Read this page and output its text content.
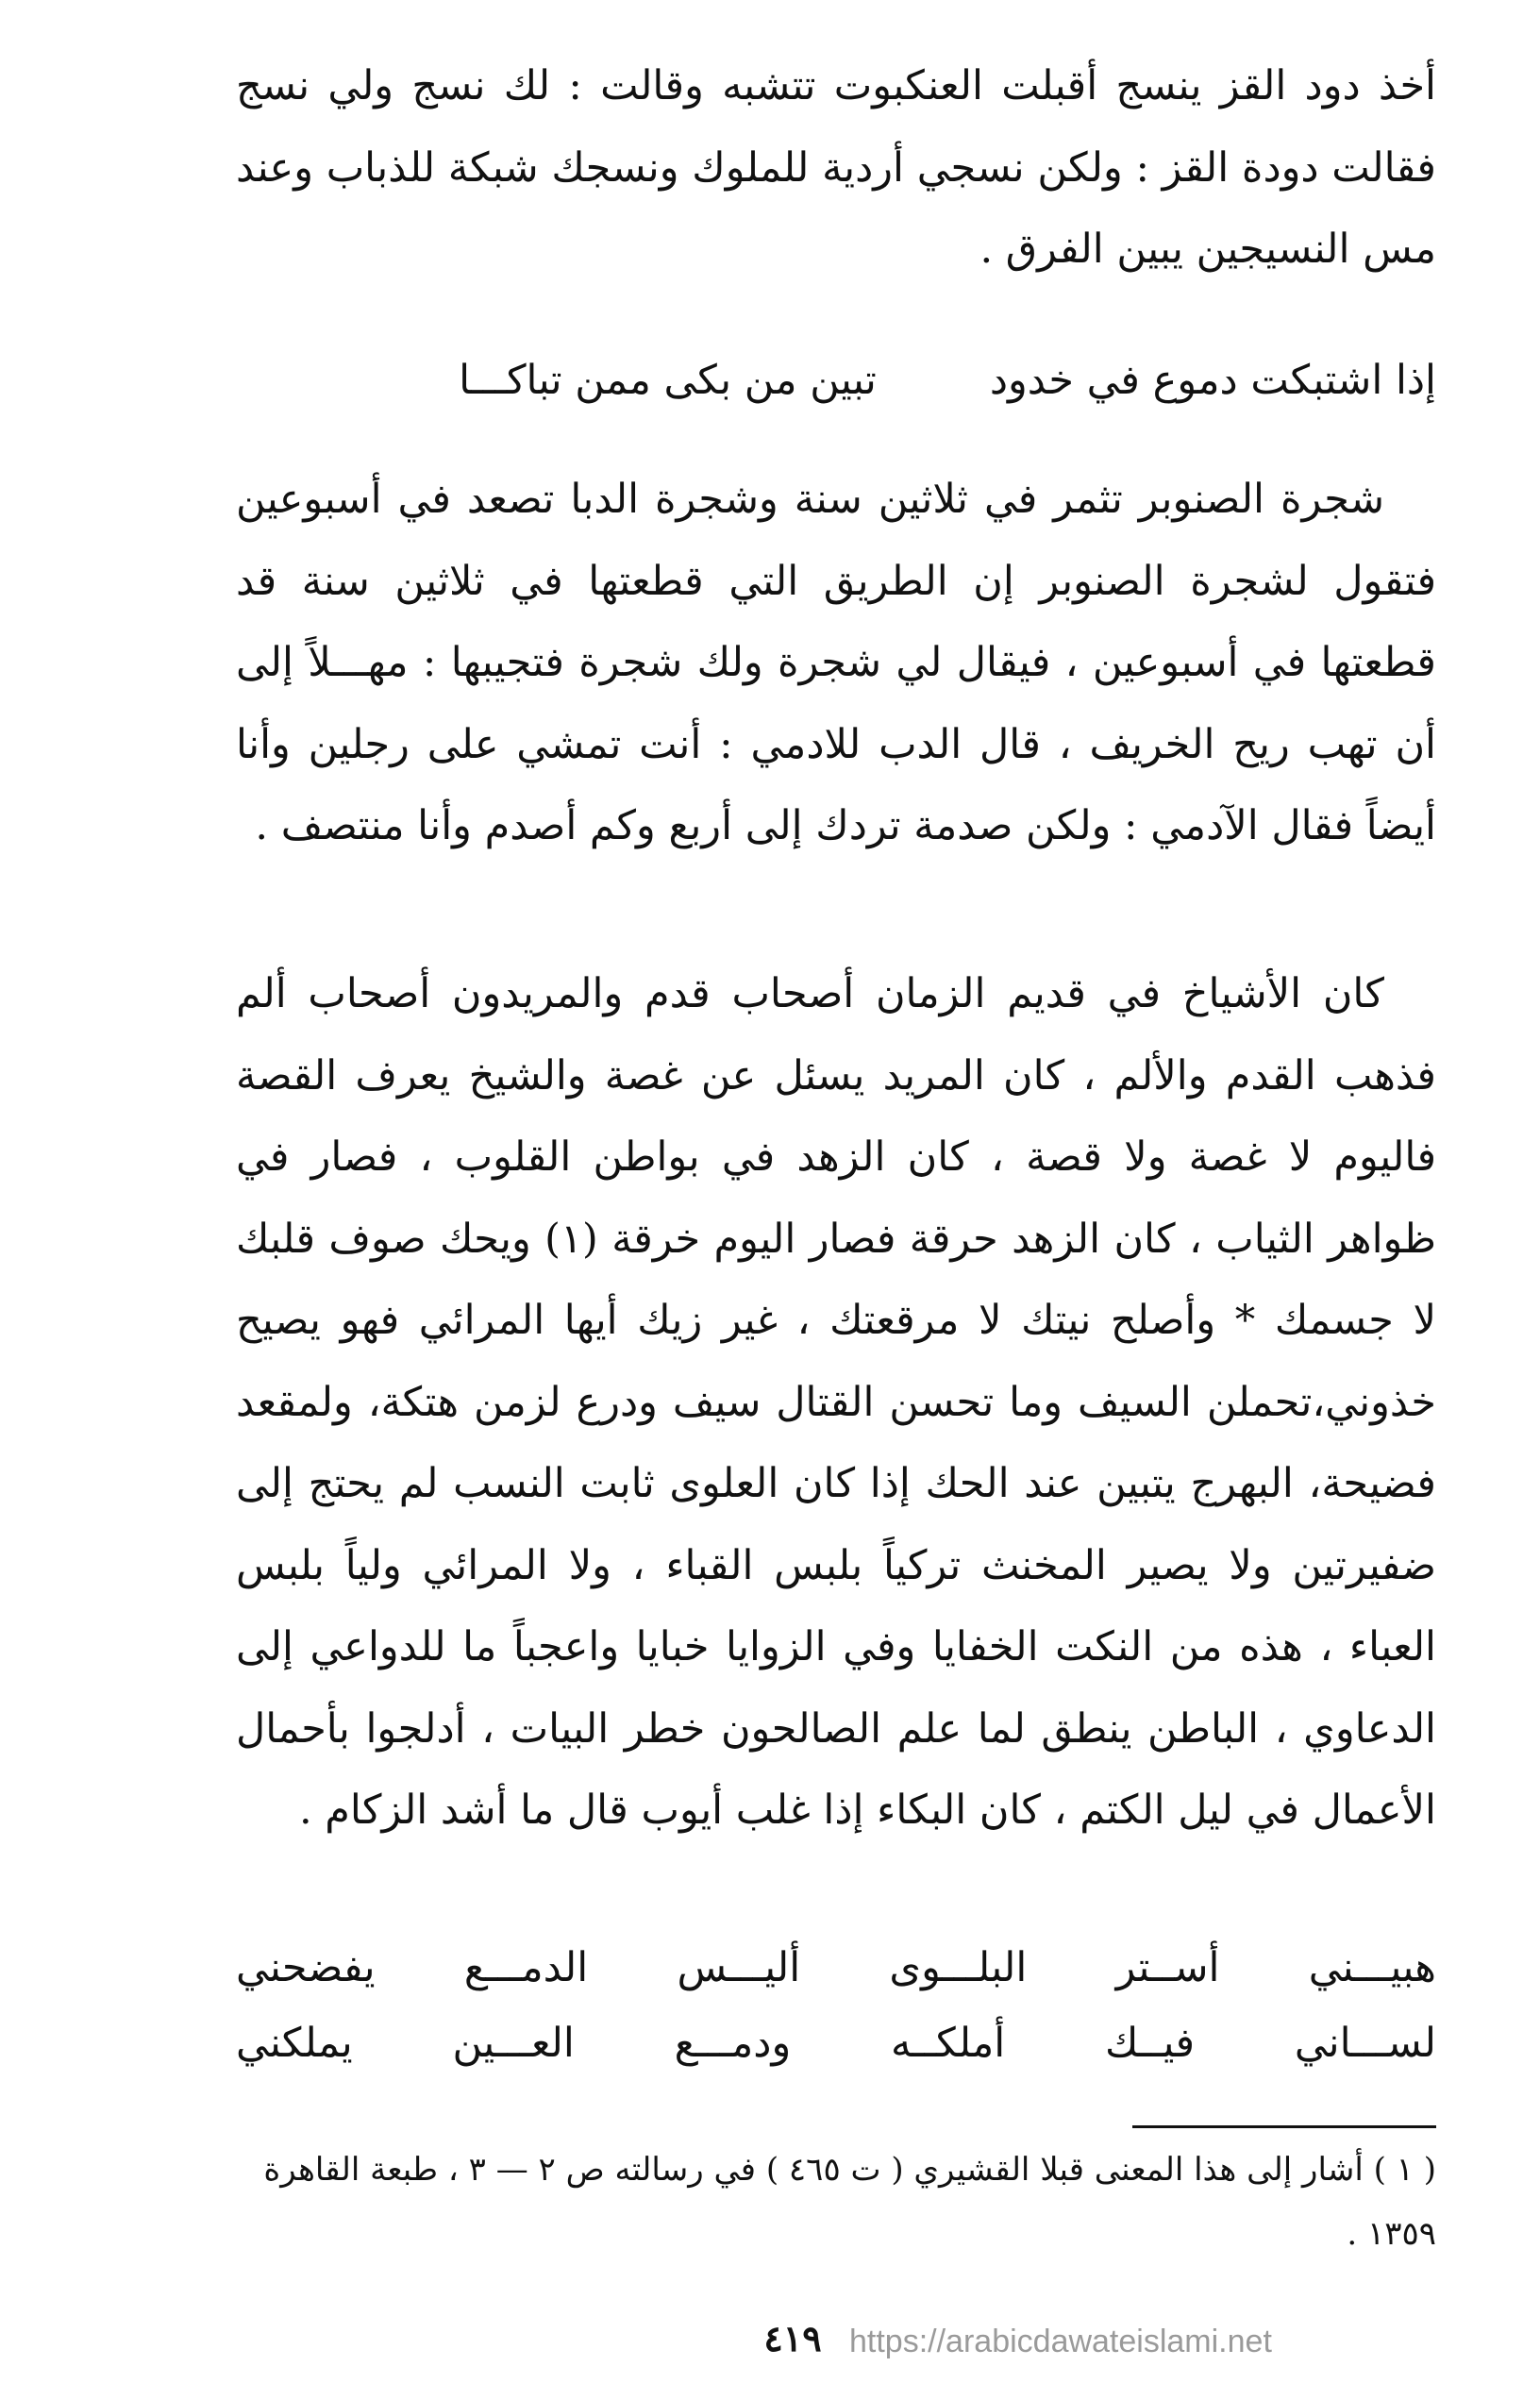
أخذ دود القز ينسج أقبلت العنكبوت تتشبه وقالت : لك نسج ولي نسج فقالت دودة القز : ولكن نسجي أردية للملوك ونسجك شبكة للذباب وعند مس النسيجين يبين الفرق .

إذا اشتبكت دموع في خدود
تبين من بكى ممن تباكـــا

شجرة الصنوبر تثمر في ثلاثين سنة وشجرة الدبا تصعد في أسبوعين فتقول لشجرة الصنوبر إن الطريق التي قطعتها في ثلاثين سنة قد قطعتها في أسبوعين ، فيقال لي شجرة ولك شجرة فتجيبها : مهـــلاً إلى أن تهب ريح الخريف ، قال الدب للادمي : أنت تمشي على رجلين وأنا أيضاً فقال الآدمي : ولكن صدمة تردك إلى أربع وكم أصدم وأنا منتصف .

كان الأشياخ في قديم الزمان أصحاب قدم والمريدون أصحاب ألم فذهب القدم والألم ، كان المريد يسئل عن غصة والشيخ يعرف القصة فاليوم لا غصة ولا قصة ، كان الزهد في بواطن القلوب ، فصار في ظواهر الثياب ، كان الزهد حرقة فصار اليوم خرقة (١) ويحك صوف قلبك لا جسمك * وأصلح نيتك لا مرقعتك ، غير زيك أيها المرائي فهو يصيح خذوني،تحملن السيف وما تحسن القتال سيف ودرع لزمن هتكة، ولمقعد فضيحة، البهرج يتبين عند الحك إذا كان العلوى ثابت النسب لم يحتج إلى ضفيرتين ولا يصير المخنث تركياً بلبس القباء ، ولا المرائي ولياً بلبس العباء ، هذه من النكت الخفايا وفي الزوايا خبايا واعجباً ما للدواعي إلى الدعاوي ، الباطن ينطق لما علم الصالحون خطر البيات ، أدلجوا بأحمال الأعمال في ليل الكتم ، كان البكاء إذا غلب أيوب قال ما أشد الزكام .

هبيـــني
أســتر
البلـــوى
أليـــس
الدمـــع
يفضحني
لســـاني
فيــك
أملكــه
ودمـــع
العـــين
يملكني
( ١ ) أشار إلى هذا المعنى قبلا القشيري ( ت ٤٦٥ ) في رسالته ص ٢ — ٣ ، طبعة القاهرة
١٣٥٩ .
٤١٩ https://arabicdawateislami.net
